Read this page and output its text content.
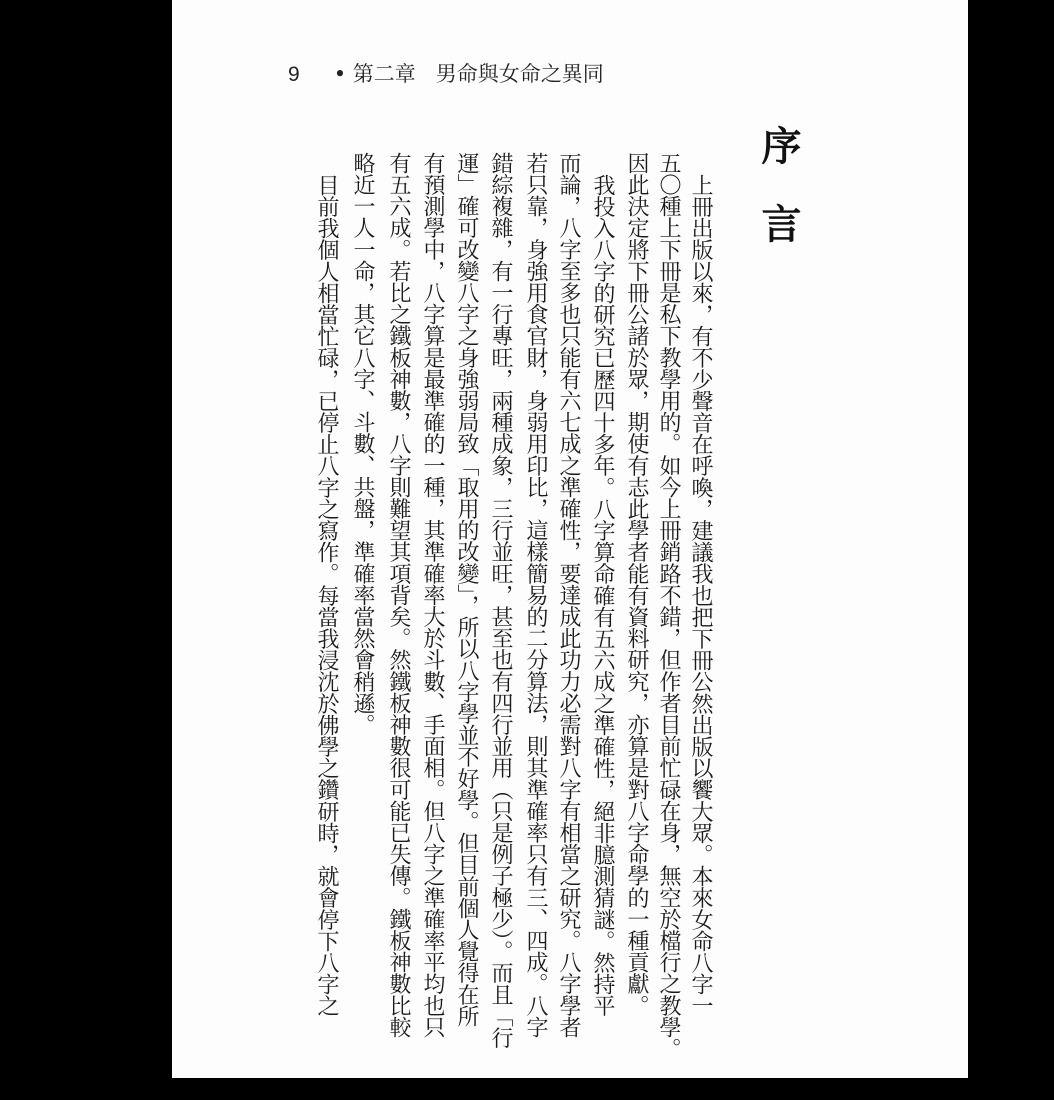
9 • 第二章 男命與女命之異同
序言
上冊出版以來，有不少聲音在呼喚，建議我也把下冊公然出版以饗大眾。本來女命八字一
五〇種上下冊是私下教學用的。如今上冊銷路不錯，但作者目前忙碌在身，無空於檔行之教學。
因此決定將下冊公諸於眾，期使有志此學者能有資料研究，亦算是對八字命學的一種貢獻。
我投入八字的研究已歷四十多年。八字算命確有五六成之準確性，絕非臆測猜謎。然持平
而論，八字至多也只能有六七成之準確性，要達成此功力必需對八字有相當之研究。八字學者
若只靠，身強用食官財，身弱用印比，這樣簡易的二分算法，則其準確率只有三、四成。八字
錯綜複雜，有一行專旺，兩種成象，三行並旺，甚至也有四行並用（只是例子極少）。而且「行
運」確可改變八字之身強弱局致「取用的改變」，所以八字學並不好學。但目前個人覺得在所
有預測學中，八字算是最準確的一種，其準確率大於斗數、手面相。但八字之準確率平均也只
有五六成。若比之鐵板神數，八字則難望其項背矣。然鐵板神數很可能已失傳。鐵板神數比較
略近一人一命，其它八字、斗數、共盤，準確率當然會稍遜。
目前我個人相當忙碌，已停止八字之寫作。每當我浸沈於佛學之鑽研時，就會停下八字之
